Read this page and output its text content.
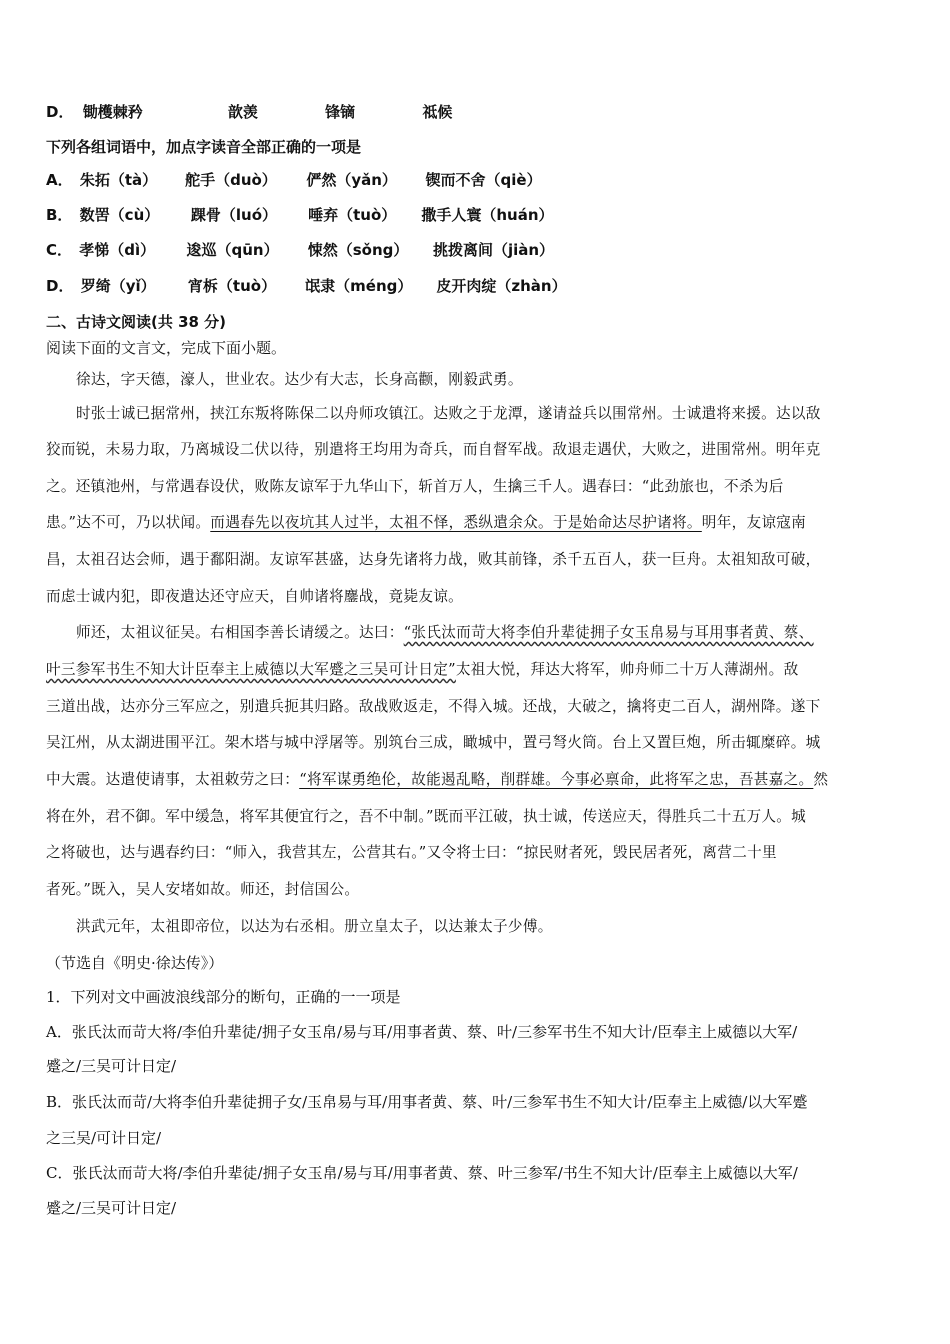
D． 锄檴棘矜	歆羡	锋镝	祗候
下列各组词语中，加点字读音全部正确的一项是
A． 朱拓（tà） 舵手（duò） 俨然（yǎn） 锲而不舍（qiè）
B． 数罟（cù） 踝骨（luó） 唾弃（tuò） 撒手人寰（huán）
C． 孝悌（dì） 逡巡（qūn） 悚然（sǒng） 挑拨离间（jiàn）
D． 罗绮（yǐ） 宵柝（tuò） 氓隶（méng） 皮开肉绽（zhàn）
二、古诗文阅读(共 38 分)
阅读下面的文言文，完成下面小题。
徐达，字天德，濠人，世业农。达少有大志，长身高颧，刚毅武勇。
时张士诚已据常州，挟江东叛将陈保二以舟师攻镇江。达败之于龙潭，遂请益兵以围常州。士诚遣将来援。达以敌
狡而锐，未易力取，乃离城设二伏以待，别遣将王均用为奇兵，而自督军战。敌退走遇伏，大败之，进围常州。明年克
之。还镇池州，与常遇春设伏，败陈友谅军于九华山下，斩首万人，生擒三千人。遇春曰：“此劲旅也，不杀为后
患。”达不可，乃以状闻。而遇春先以夜坑其人过半，太祖不怿，悉纵遣余众。于是始命达尽护诸将。明年，友谅寇南
昌，太祖召达会师，遇于鄱阳湖。友谅军甚盛，达身先诸将力战，败其前锋，杀千五百人，获一巨舟。太祖知敌可破，
而虑士诚内犯，即夜遣达还守应天，自帅诸将鏖战，竟毙友谅。
师还，太祖议征吴。右相国李善长请缓之。达曰：“张氏汰而苛大将李伯升辈徒拥子女玉帛易与耳用事者黄、蔡、
叶三参军书生不知大计臣奉主上威德以大军蹙之三吴可计日定”太祖大悦，拜达大将军，帅舟师二十万人薄湖州。敌
三道出战，达亦分三军应之，别遣兵扼其归路。敌战败返走，不得入城。还战，大破之，擒将吏二百人，湖州降。遂下
吴江州，从太湖进围平江。架木塔与城中浮屠等。别筑台三成，瞰城中，置弓弩火筒。台上又置巨炮，所击辄糜碎。城
中大震。达遣使请事，太祖敕劳之曰：“将军谋勇绝伦，故能遏乱略，削群雄。今事必禀命，此将军之忠，吾甚嘉之。然
将在外，君不御。军中缓急，将军其便宜行之，吾不中制。”既而平江破，执士诚，传送应天，得胜兵二十五万人。城
之将破也，达与遇春约曰：“师入，我营其左，公营其右。”又令将士曰：“掠民财者死，毁民居者死，离营二十里
者死。”既入，吴人安堵如故。师还，封信国公。
洪武元年，太祖即帝位，以达为右丞相。册立皇太子，以达兼太子少傅。
（节选自《明史·徐达传》）
1．下列对文中画波浪线部分的断句，正确的一一项是
A．张氏汰而苛大将/李伯升辈徒/拥子女玉帛/易与耳/用事者黄、蔡、叶/三参军书生不知大计/臣奉主上威德以大军/
蹙之/三吴可计日定/
B．张氏汰而苛/大将李伯升辈徒拥子女/玉帛易与耳/用事者黄、蔡、叶/三参军书生不知大计/臣奉主上威德/以大军蹙
之三吴/可计日定/
C．张氏汰而苛大将/李伯升辈徒/拥子女玉帛/易与耳/用事者黄、蔡、叶三参军/书生不知大计/臣奉主上威德以大军/
蹙之/三吴可计日定/
